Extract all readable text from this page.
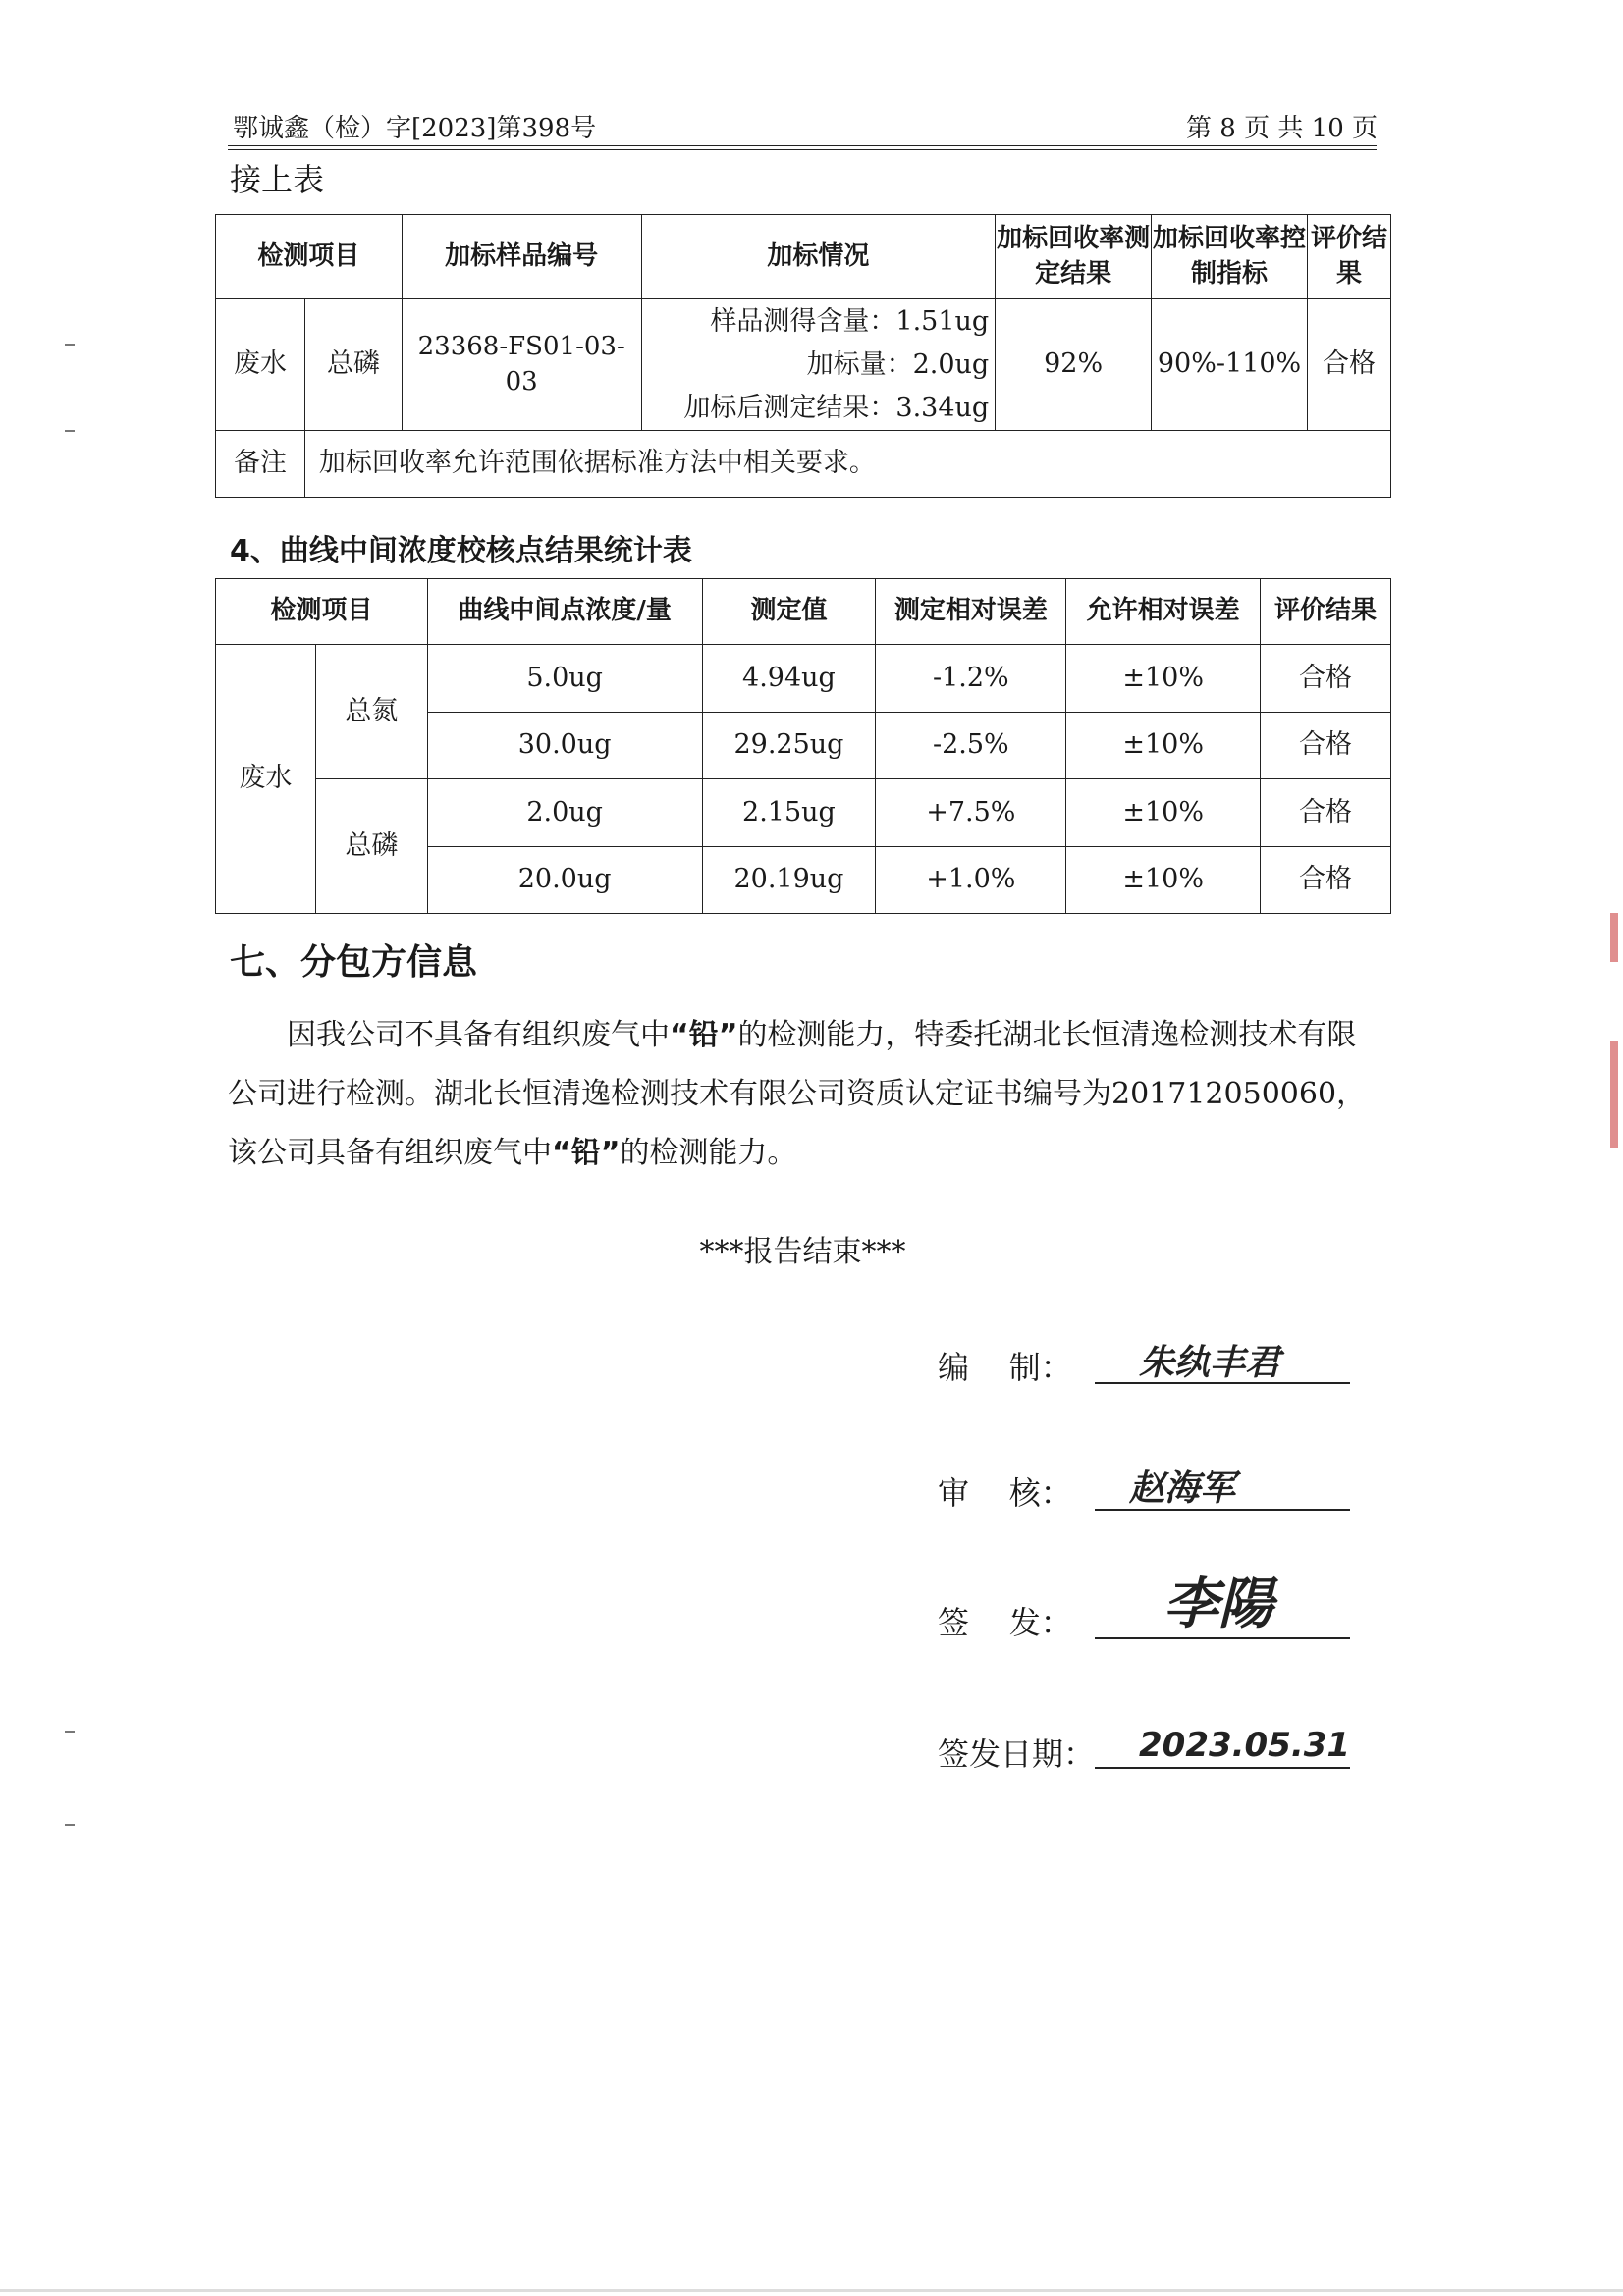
鄂诚鑫（检）字[2023]第398号	第 8 页 共 10 页
接上表
检测项目		加标样品编号	加标情况	加标回收率测定结果	加标回收率控制指标	评价结果
废水	总磷	23368-FS01-03-03	样品测得含量：1.51ug
加标量：2.0ug
加标后测定结果：3.34ug	92%	90%-110%	合格
备注	加标回收率允许范围依据标准方法中相关要求。					
4、曲线中间浓度校核点结果统计表
检测项目		曲线中间点浓度/量	测定值	测定相对误差	允许相对误差	评价结果
废水	总氮	5.0ug	4.94ug	-1.2%	±10%	合格
		30.0ug	29.25ug	-2.5%	±10%	合格
	总磷	2.0ug	2.15ug	+7.5%	±10%	合格
		20.0ug	20.19ug	+1.0%	±10%	合格
七、分包方信息
因我公司不具备有组织废气中“铅”的检测能力，特委托湖北长恒清逸检测技术有限公司进行检测。湖北长恒清逸检测技术有限公司资质认定证书编号为201712050060，该公司具备有组织废气中“铅”的检测能力。
***报告结束***
编    制： 朱纨丰君
审    核： 赵海军
签    发： 李陽
签发日期： 2023.05.31
